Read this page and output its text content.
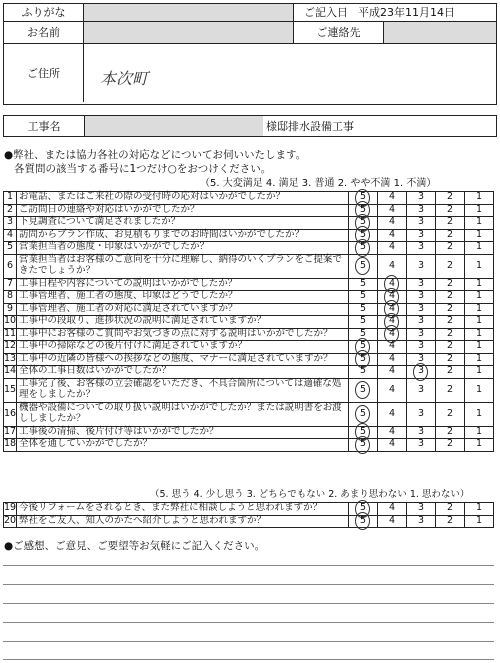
ふりがな	ご記入日 平成23年11月14日
お名前	ご連絡先
ご住所	本次町
工事名	様邸排水設備工事
●弊社、または協力各社の対応などについてお伺いいたします。
各質問の該当する番号に1つだけ○をおつけください。
（5. 大変満足 4. 満足 3. 普通 2. やや不満 1. 不満）
1	お電話、またはご来社の際の受付時の応対はいかがでしたか？	5	4	3	2	1
2	ご訪問日の連絡や対応はいかがでしたか？	5	4	3	2	1
3	下見調査について満足されましたか？	5	4	3	2	1
4	訪問からプラン作成、お見積もりまでのお時間はいかがでしたか？	5	4	3	2	1
5	営業担当者の態度・印象はいかがでしたか？	5	4	3	2	1
6	営業担当者はお客様のご意向を十分に理解し、納得のいくプランをご提案できたでしょうか？	5	4	3	2	1
7	工事日程や内容についての説明はいかがでしたか？	5	4	3	2	1
8	工事管理者、施工者の態度、印象はどうでしたか？	5	4	3	2	1
9	工事管理者、施工者の対応に満足されていますか？	5	4	3	2	1
10	工事中の段取り、進捗状況の説明に満足されていますか？	5	4	3	2	1
11	工事中にお客様のご質問やお気づきの点に対する説明はいかがでしたか？	5	4	3	2	1
12	工事中の掃除などの後片付けに満足されていますか？	5	4	3	2	1
13	工事中の近隣の皆様への挨拶などの態度、マナーに満足されていますか？	5	4	3	2	1
14	全体の工事日数はいかがでしたか？	5	4	3	2	1
15	工事完了後、お客様の立会確認をいただき、不具合箇所については適確な処理をしましたか？	5	4	3	2	1
16	機器や設備についての取り扱い説明はいかがでしたか？または説明書をお渡ししましたか？	5	4	3	2	1
17	工事後の清掃、後片付け等はいかがでしたか？	5	4	3	2	1
18	全体を通していかがでしたか？	5	4	3	2	1
（5. 思う 4. 少し思う 3. どちらでもない 2. あまり思わない 1. 思わない）
19	今後リフォームをされるとき、また弊社に相談しようと思われますか？	5	4	3	2	1
20	弊社をご友人、知人のかたへ紹介しようと思われますか？	5	4	3	2	1
●ご感想、ご意見、ご要望等お気軽にご記入ください。
